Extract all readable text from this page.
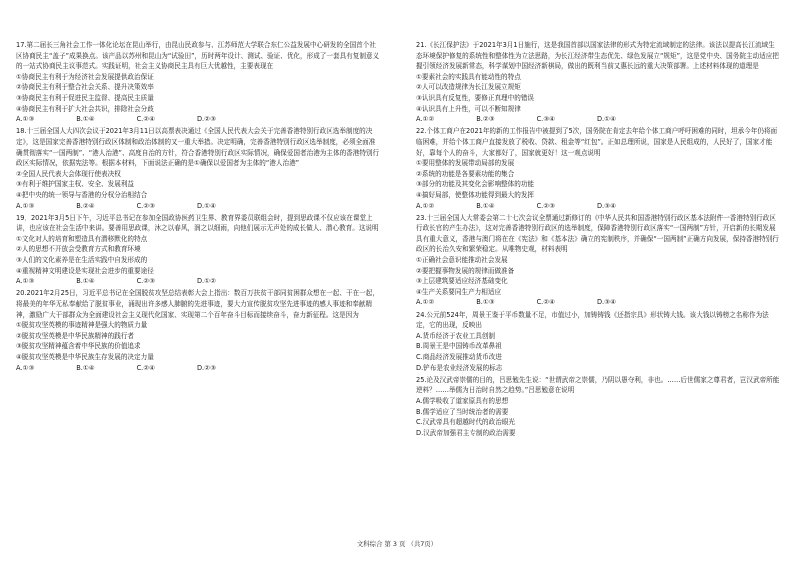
17.第二届长三角社会工作一体化论坛在昆山举行，由昆山民政参与、江苏师范大学联合东仁公益发展中心研发的全国首个社区协商民主“盖子”成果换点。该产品以苏州和昆山为“试验田”，历时两年设计、测试、验证、优化，形成了一套具有复制意义的一站式协商民主议事范式。实践证明，社会主义协商民主具有巨大优越性，主要表现在

①协商民主有利于为经济社会发展提供政治保证

②协商民主有利于整合社会关系、提升决策效率

③协商民主有利于促进民主监督、提高民主质量

④协商民主有利于扩大社会共识，排除社会分歧

A.①③	B.①④	C.②④	D.②③

18.十三届全国人大四次会议于2021年3月11日以高票表决通过《全国人民代表大会关于完善香港特别行政区选举制度的决定》，这是国家完善香港特别行政区体制和政治体制的又一重大举措。决定明确，完善香港特别行政区选举制度，必须全面准确贯彻落实“一国两制”、“港人治港”、高度自治的方针，符合香港特别行政区实际情况，确保爱国者治港为主体的香港特别行政区实际情况，依据宪法等。根据本材料，下面说法正确的是①确保以爱国者为主体的“港人治港”

②全国人民代表大会体现行使表决权

③有利于维护国家主权、安全、发展利益

④把中央的统一领导与香港的分权分治相结合

A.①③	B.②④	C.②③	D.①④

19．2021年3月5日下午，习近平总书记在参加全国政协医药卫生界、教育界委员联组会时，提到思政课不仅应该在课堂上讲，也应该在社会生活中来讲。要善用思政课，沐之以春风，润之以细雨，向他们展示无声处的成长做人、潜心教育。这说明

①文化对人的培育和塑造具有潜移默化的特点

②人的思想不开放会受教育方式和教育环境

③人们的文化素养是在生活实践中自发形成的

④重视精神文明建设是实现社会进步的重要途径

A.①③	B.①④	C.②③	D.①②

20.2021年2月25日，习近平总书记在全国脱贫攻坚总结表彰大会上指出：数百万扶贫干部同贫困群众想在一起、干在一起，将最美的年华无私奉献给了脱贫事业，涌现出许多感人肺腑的先进事迹，要大力宣传脱贫攻坚先进事迹的感人事迹和奉献精神，激励广大干部群众为全面建设社会主义现代化国家、实现第二个百年奋斗目标而接续奋斗，奋力新征程。这是因为

①脱贫攻坚英模的事迹精神是强大的物质力量

②脱贫攻坚英模是中华民族精神的践行者

③脱贫攻坚精神蕴含着中华民族的价值追求

④脱贫攻坚英模是中华民族生存发展的决定力量

A.①③	B.①④	C.②④	D.②③

21.《长江保护法》于2021年3月1日施行，这是我国首部以国家法律的形式为特定流域制定的法律。该法以提高长江流域生态环境保护修复的系统性和整体性为立法思路，为长江经济带生态优先、绿色发展立“规矩”，这是党中央、国务院主动适应把握引领经济发展新常态，科学谋划中国经济新棋局，做出的既利当前又惠长远的重大决策部署。上述材料体现的道理是

①要素社会的实践具有能动性的特点

②人可以改造规律为长江发展立规矩

③认识具有反复性，要修正真理中的错误

④认识具有上升性，可以不断知规律

A.①②	B.②③	C.③④	D.①④

22.个体工商户在2021年的新的工作报告中被提到了5次，国务院在肯定去年给个体工商户呼吁困难的同时，坦承今年仍将面临困难，并给个体工商户直接发放了税收、贷款、租金等“红包”。正如总理所说，国家是人民组成的，人民好了，国家才能好，靠每个人的奋斗，大家都好了，国家就更好！这一观点说明

①要用整体的发展带动局部的发展

②系统的功能是各要素功能的集合

③部分的功能及其变化会影响整体的功能

④搞好局部，使整体功能得到最大的发挥

A.①②	B.①④	C.②③	D.③④

23.十三届全国人大常委会第二十七次会议全票通过新修订的《中华人民共和国香港特别行政区基本法附件一香港特别行政区行政长官的产生办法》，这对完善香港特别行政区的选举制度，保障香港特别行政区落实“一国两制”方针，开启新的长期发展具有重大意义，香港与澳门将在在《宪法》和《基本法》确立的宪制秩序，并确保“一国两制”正确方向发展，保持香港特别行政区的长治久安和繁荣稳定。从唯物史观，材料表明

①正确社会意识能推动社会发展

②要把握事物发展的规律而做准备

③上层建筑要适应经济基础变化

④生产关系要同生产力相适应

A.①②	B.①③	C.②④	D.③④

24.公元前524年，周景王鉴于平币数量不足，市值过小，加铸铸钱《还指宗具》形状铸大钱。该大钱以铸榜之名称作为法定，它的出现，反映出

A.货币经济于农业工具创制

B.周景王是中国铸币改革鼻祖

C.商品经济发展推动货币改进

D.铲布是农业经济发展的标志

25.论及汉武帝崇儒的目的，吕思勉先生说：“世谓武帝之崇儒，乃阴以愚夺利，非也。……后世儒家之尊君者，岂汉武帝所能逆料？……举儒为日治时自然之趋势。”吕思勉意在说明

A.儒学吸收了道家原具有的思想

B.儒学适应了当时统治者的需要

C.汉武帝具有超越时代的政治眼光

D.汉武帝加强君主专制的政治需要

文科综合 第 3 页 （共7页）
